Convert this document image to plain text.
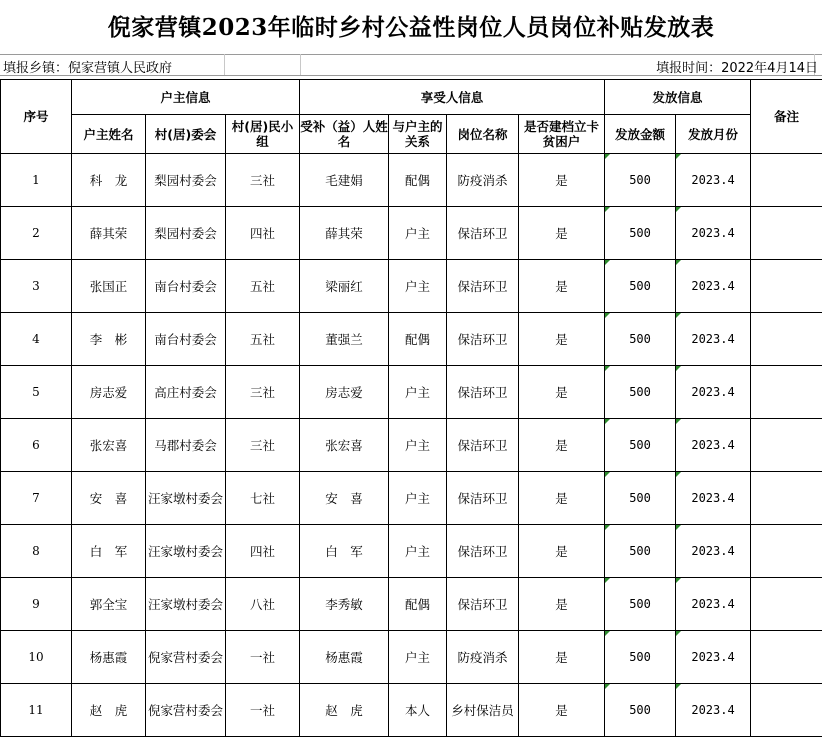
倪家营镇2023年临时乡村公益性岗位人员岗位补贴发放表
填报乡镇：倪家营镇人民政府	填报时间：2022年4月14日
序号	户主信息			享受人信息				发放信息		备注
	户主姓名	村(居)委会	村(居)民小组	受补（益）人姓名	与户主的关系	岗位名称	是否建档立卡贫困户	发放金额	发放月份	
1	科　龙	梨园村委会	三社	毛建娟	配偶	防疫消杀	是	500	2023.4	
2	薛其荣	梨园村委会	四社	薛其荣	户主	保洁环卫	是	500	2023.4	
3	张国正	南台村委会	五社	梁丽红	户主	保洁环卫	是	500	2023.4	
4	李　彬	南台村委会	五社	董强兰	配偶	保洁环卫	是	500	2023.4	
5	房志爱	高庄村委会	三社	房志爱	户主	保洁环卫	是	500	2023.4	
6	张宏喜	马郡村委会	三社	张宏喜	户主	保洁环卫	是	500	2023.4	
7	安　喜	汪家墩村委会	七社	安　喜	户主	保洁环卫	是	500	2023.4	
8	白　军	汪家墩村委会	四社	白　军	户主	保洁环卫	是	500	2023.4	
9	郭全宝	汪家墩村委会	八社	李秀敏	配偶	保洁环卫	是	500	2023.4	
10	杨惠霞	倪家营村委会	一社	杨惠霞	户主	防疫消杀	是	500	2023.4	
11	赵　虎	倪家营村委会	一社	赵　虎	本人	乡村保洁员	是	500	2023.4	
